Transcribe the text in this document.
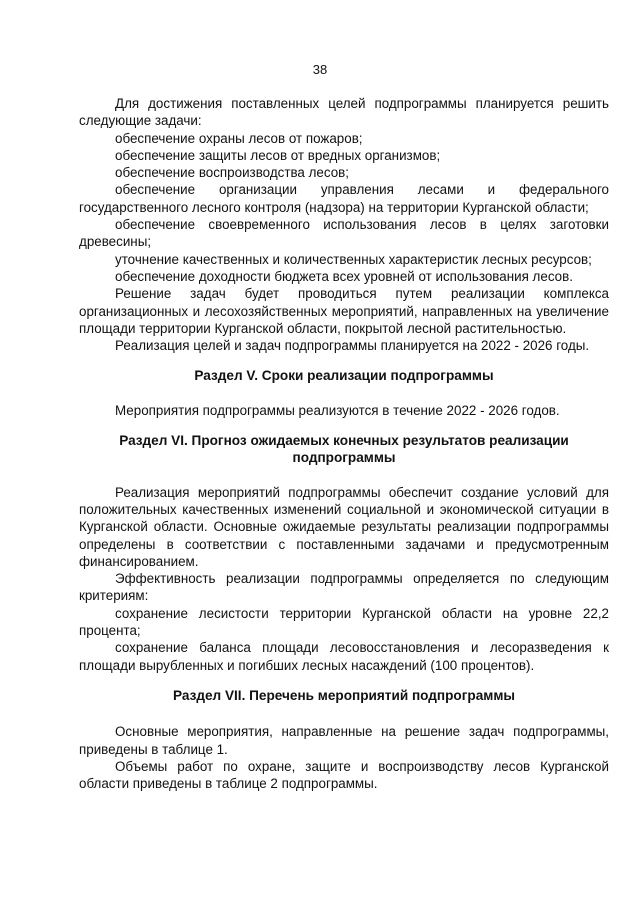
38

Для достижения поставленных целей подпрограммы планируется решить следующие задачи:

обеспечение охраны лесов от пожаров;

обеспечение защиты лесов от вредных организмов;

обеспечение воспроизводства лесов;

обеспечение организации управления лесами и федерального государственного лесного контроля (надзора) на территории Курганской области;

обеспечение своевременного использования лесов в целях заготовки древесины;

уточнение качественных и количественных характеристик лесных ресурсов;

обеспечение доходности бюджета всех уровней от использования лесов.

Решение задач будет проводиться путем реализации комплекса организационных и лесохозяйственных мероприятий, направленных на увеличение площади территории Курганской области, покрытой лесной растительностью.

Реализация целей и задач подпрограммы планируется на 2022 - 2026 годы.

Раздел V. Сроки реализации подпрограммы

Мероприятия подпрограммы реализуются в течение 2022 - 2026 годов.

Раздел VI. Прогноз ожидаемых конечных результатов реализации подпрограммы

Реализация мероприятий подпрограммы обеспечит создание условий для положительных качественных изменений социальной и экономической ситуации в Курганской области. Основные ожидаемые результаты реализации подпрограммы определены в соответствии с поставленными задачами и предусмотренным финансированием.

Эффективность реализации подпрограммы определяется по следующим критериям:

сохранение лесистости территории Курганской области на уровне 22,2 процента;

сохранение баланса площади лесовосстановления и лесоразведения к площади вырубленных и погибших лесных насаждений (100 процентов).

Раздел VII. Перечень мероприятий подпрограммы

Основные мероприятия, направленные на решение задач подпрограммы, приведены в таблице 1.

Объемы работ по охране, защите и воспроизводству лесов Курганской области приведены в таблице 2 подпрограммы.
